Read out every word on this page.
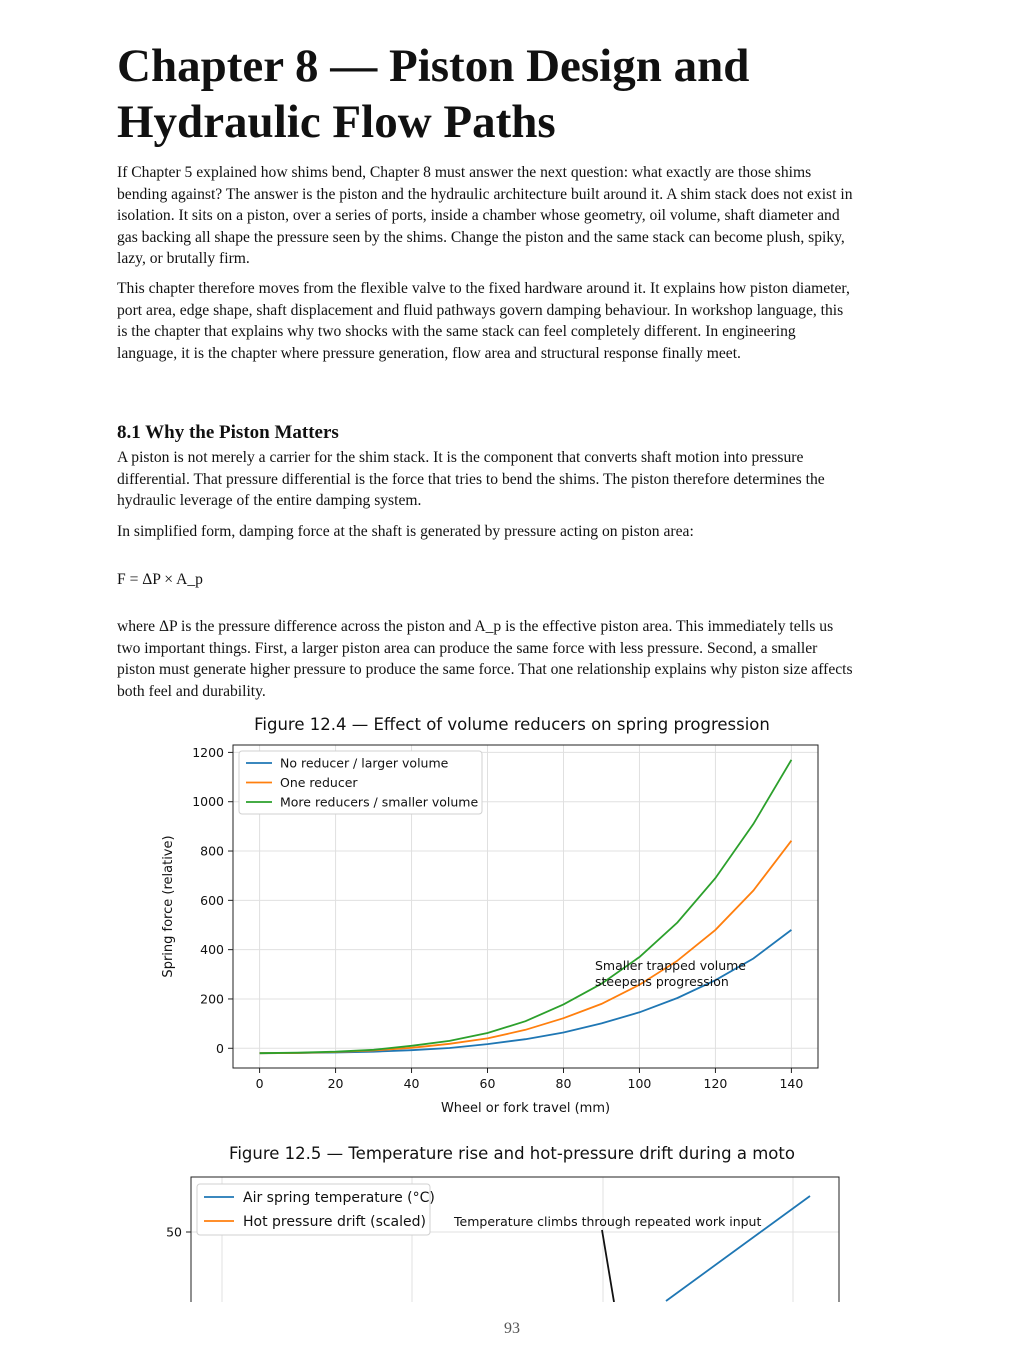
Chapter 8 — Piston Design and Hydraulic Flow Paths

If Chapter 5 explained how shims bend, Chapter 8 must answer the next question: what exactly are those shims bending against? The answer is the piston and the hydraulic architecture built around it. A shim stack does not exist in isolation. It sits on a piston, over a series of ports, inside a chamber whose geometry, oil volume, shaft diameter and gas backing all shape the pressure seen by the shims. Change the piston and the same stack can become plush, spiky, lazy, or brutally firm.

This chapter therefore moves from the flexible valve to the fixed hardware around it. It explains how piston diameter, port area, edge shape, shaft displacement and fluid pathways govern damping behaviour. In workshop language, this is the chapter that explains why two shocks with the same stack can feel completely different. In engineering language, it is the chapter where pressure generation, flow area and structural response finally meet.

8.1 Why the Piston Matters

A piston is not merely a carrier for the shim stack. It is the component that converts shaft motion into pressure differential. That pressure differential is the force that tries to bend the shims. The piston therefore determines the hydraulic leverage of the entire damping system.

In simplified form, damping force at the shaft is generated by pressure acting on piston area:

F = ΔP × A_p

where ΔP is the pressure difference across the piston and A_p is the effective piston area. This immediately tells us two important things. First, a larger piston area can produce the same force with less pressure. Second, a smaller piston must generate higher pressure to produce the same force. That one relationship explains why piston size affects both feel and durability.

Figure 12.4 — Effect of volume reducers on spring progression

Smaller trapped volume
steepens progression
0	20	40	60	80	100	120	140
0
200
400
600
800
1000
1200
Wheel or fork travel (mm)
Spring force (relative)
No reducer / larger volume
One reducer
More reducers / smaller volume

Figure 12.5 — Temperature rise and hot-pressure drift during a moto

Temperature climbs through repeated work input
50
Air spring temperature (°C)
Hot pressure drift (scaled)
93
